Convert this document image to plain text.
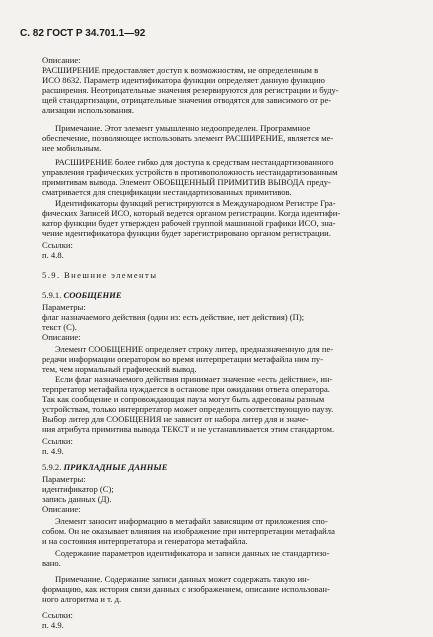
С. 82 ГОСТ Р 34.701.1—92
Описание:
РАСШИРЕНИЕ предоставляет доступ к возможностям, не определенным в
ИСО 8632. Параметр идентификатора функции определяет данную функцию
расширения. Неотрицательные значения резервируются для регистрации и буду-
щей стандартизации, отрицательные значения отводятся для зависимого от ре-
ализации использования.
Примечание. Этот элемент умышленно недоопределен. Программное
обеспечение, позволяющее использовать элемент РАСШИРЕНИЕ, является ме-
нее мобильным.
РАСШИРЕНИЕ более гибко для доступа к средствам нестандартизованного
управления графических устройств в противоположность нестандартизованным
примитивам вывода. Элемент ОБОБЩЕННЫЙ ПРИМИТИВ ВЫВОДА преду-
сматривается для спецификации нестандартизованных примитивов.
Идентификаторы функций регистрируются в Международном Регистре Гра-
фических Записей ИСО, который ведется органом регистрации. Когда идентифи-
катор функции будет утвержден рабочей группой машинной графики ИСО, зна-
чение идентификатора функции будет зарегистрировано органом регистрации.
Ссылки:
п. 4.8.
5.9. Внешние элементы
5.9.1. СООБЩЕНИЕ
Параметры:
флаг назначаемого действия (один из: есть действие, нет действия) (П);
текст (С).
Описание:
Элемент СООБЩЕНИЕ определяет строку литер, предназначенную для пе-
редачи информации оператором во время интерпретации метафайла ним пу-
тем, чем нормальный графический вывод.
Если флаг назначаемого действия принимает значение «есть действие», ин-
терпретатор метафайла нуждается в останове при ожидании ответа оператора.
Так как сообщение и сопровождающая пауза могут быть адресованы разным
устройствам, только интерпретатор может определить соответствующую паузу.
Выбор литер для СООБЩЕНИЯ не зависит от набора литер для и значе-
ния атрибута примитива вывода ТЕКСТ и не устанавливается этим стандартом.
Ссылки:
п. 4.9.
5.9.2. ПРИКЛАДНЫЕ ДАННЫЕ
Параметры:
идентификатор (С);
запись данных (Д).
Описание:
Элемент заносит информацию в метафайл зависящим от приложения спо-
собом. Он не оказывает влияния на изображение при интерпретации метафайла
и на состояния интерпретатора и генератора метафайла.
Содержание параметров идентификатора и записи данных не стандартизо-
вано.
Примечание. Содержание записи данных может содержать такую ин-
формацию, как история связи данных с изображением, описание использован-
ного алгоритма и т. д.
Ссылки:
п. 4.9.
